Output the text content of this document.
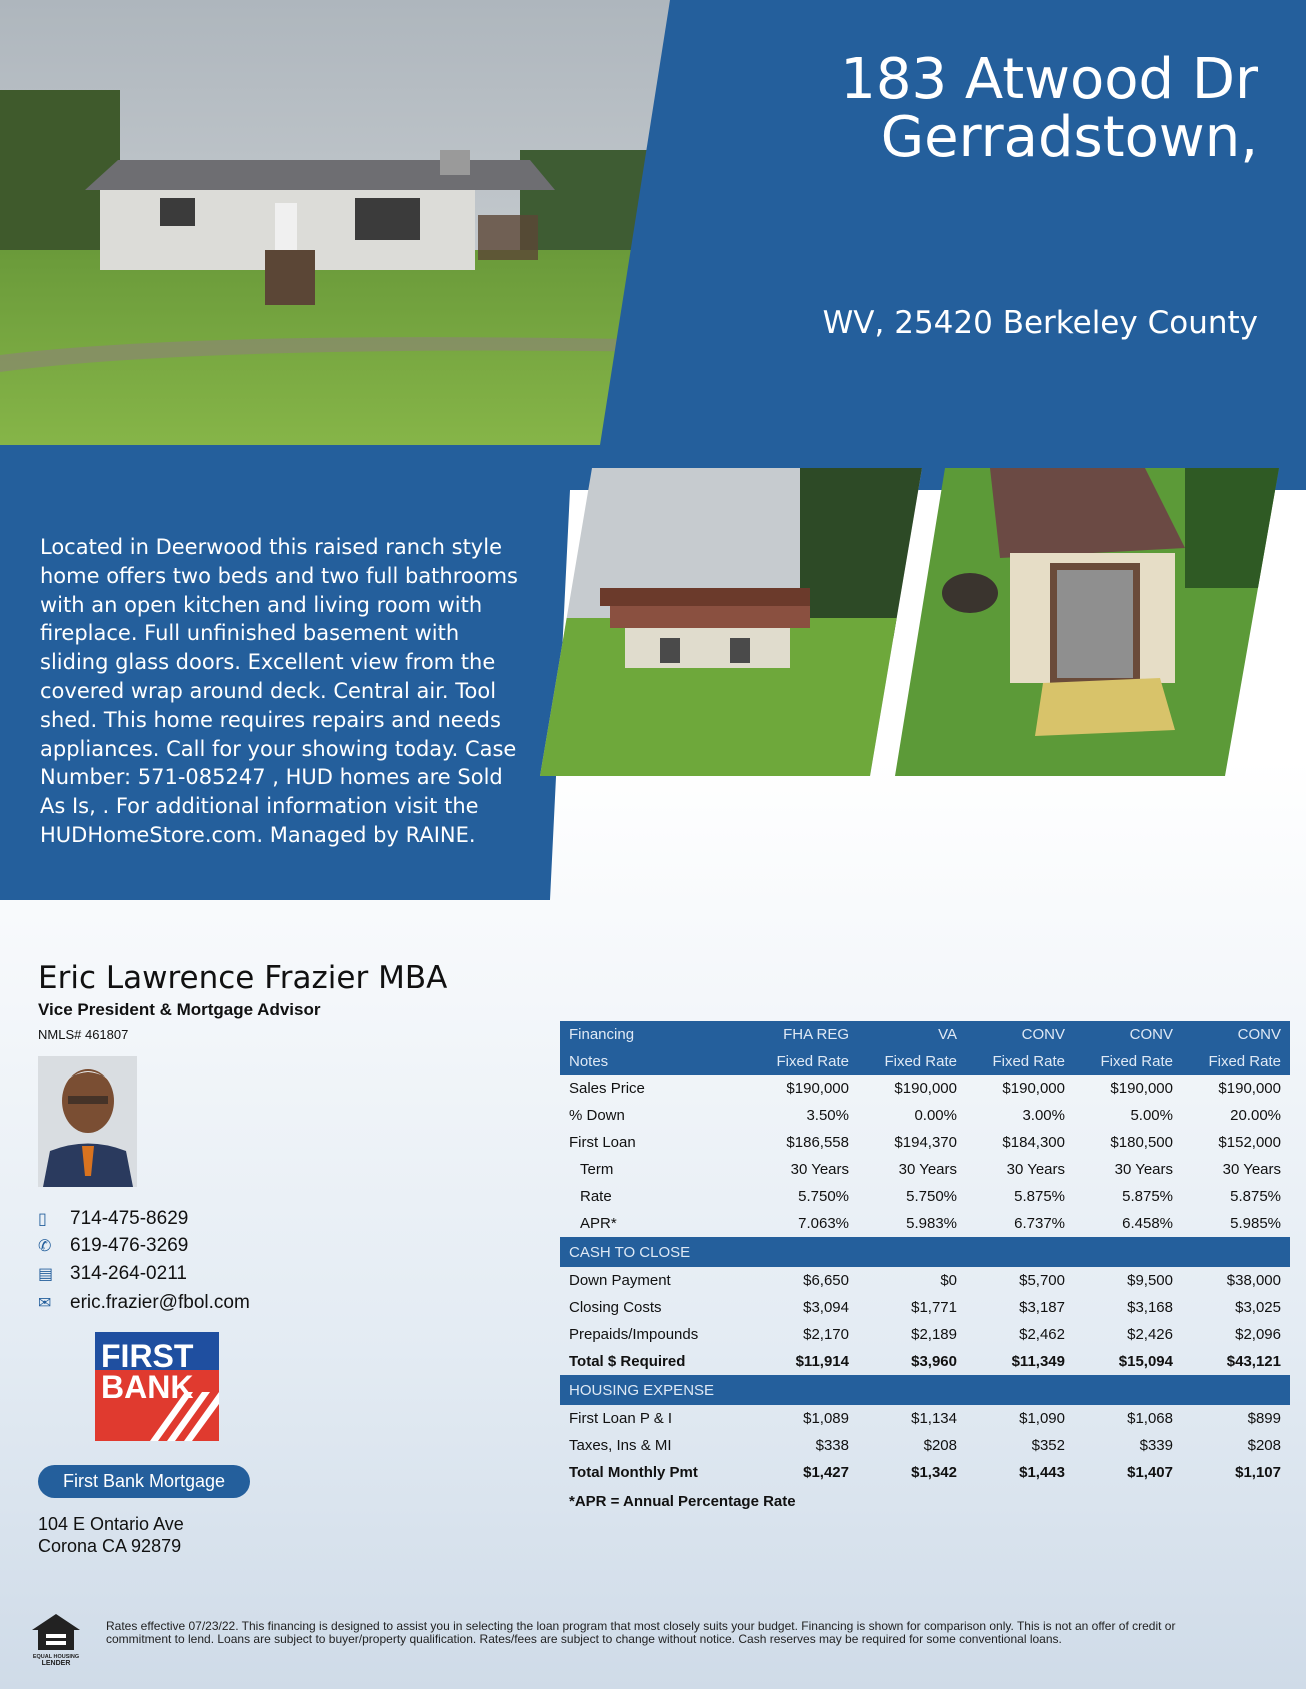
183 Atwood Dr
Gerradstown,
WV, 25420 Berkeley County
Located in Deerwood this raised ranch style home offers two beds and two full bathrooms with an open kitchen and living room with fireplace. Full unfinished basement with sliding glass doors. Excellent view from the covered wrap around deck. Central air. Tool shed. This home requires repairs and needs appliances. Call for your showing today. Case Number: 571-085247 , HUD homes are Sold As Is, . For additional information visit the HUDHomeStore.com. Managed by RAINE.
Eric Lawrence Frazier MBA
Vice President & Mortgage Advisor
NMLS# 461807
▯	714-475-8629
✆ 619-476-3269
▤ 314-264-0211
✉ eric.frazier@fbol.com
FIRST
BANK
First Bank Mortgage
104 E Ontario Ave
Corona CA 92879
Financing	FHA REG	VA	CONV	CONV	CONV
Notes	Fixed Rate	Fixed Rate	Fixed Rate	Fixed Rate	Fixed Rate
Sales Price	$190,000	$190,000	$190,000	$190,000	$190,000
% Down	3.50%	0.00%	3.00%	5.00%	20.00%
First Loan	$186,558	$194,370	$184,300	$180,500	$152,000
Term	30 Years	30 Years	30 Years	30 Years	30 Years
Rate	5.750%	5.750%	5.875%	5.875%	5.875%
APR*	7.063%	5.983%	6.737%	6.458%	5.985%
CASH TO CLOSE					
Down Payment	$6,650	$0	$5,700	$9,500	$38,000
Closing Costs	$3,094	$1,771	$3,187	$3,168	$3,025
Prepaids/Impounds	$2,170	$2,189	$2,462	$2,426	$2,096
Total $ Required	$11,914	$3,960	$11,349	$15,094	$43,121
HOUSING EXPENSE					
First Loan P & I	$1,089	$1,134	$1,090	$1,068	$899
Taxes, Ins & MI	$338	$208	$352	$339	$208
Total Monthly Pmt	$1,427	$1,342	$1,443	$1,407	$1,107
*APR = Annual Percentage Rate
EQUAL HOUSING
LENDER
Rates effective 07/23/22. This financing is designed to assist you in selecting the loan program that most closely suits your budget. Financing is shown for comparison only. This is not an offer of credit or commitment to lend. Loans are subject to buyer/property qualification. Rates/fees are subject to change without notice. Cash reserves may be required for some conventional loans.
